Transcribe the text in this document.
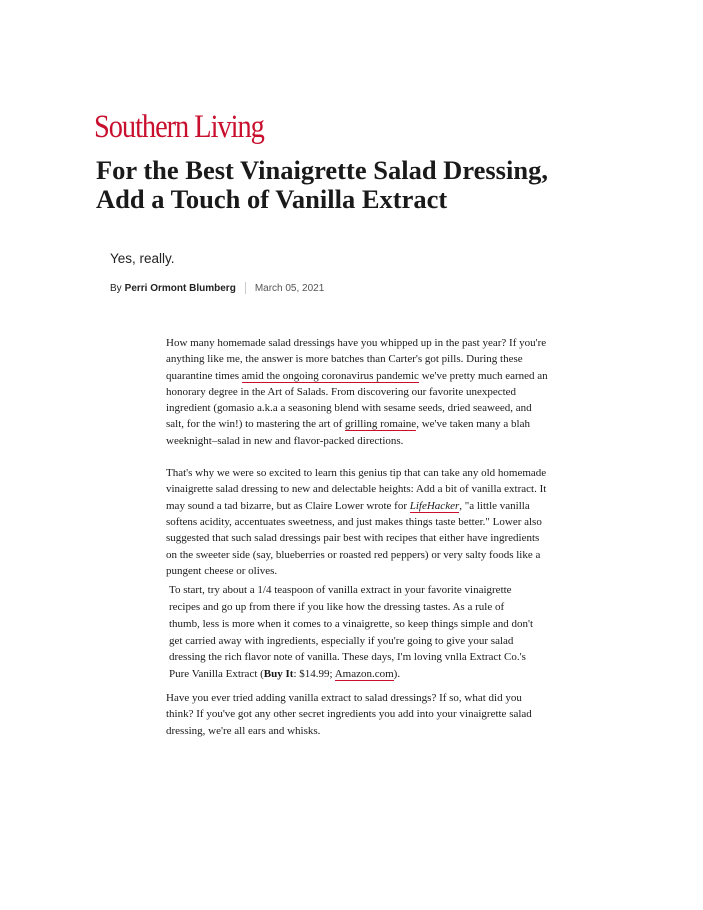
Southern Living
For the Best Vinaigrette Salad Dressing, Add a Touch of Vanilla Extract
Yes, really.
By Perri Ormont Blumberg March 05, 2021

How many homemade salad dressings have you whipped up in the past year? If you're anything like me, the answer is more batches than Carter's got pills. During these quarantine times amid the ongoing coronavirus pandemic we've pretty much earned an honorary degree in the Art of Salads. From discovering our favorite unexpected ingredient (gomasio a.k.a a seasoning blend with sesame seeds, dried seaweed, and salt, for the win!) to mastering the art of grilling romaine, we've taken many a blah weeknight–salad in new and flavor-packed directions.

That's why we were so excited to learn this genius tip that can take any old homemade vinaigrette salad dressing to new and delectable heights: Add a bit of vanilla extract. It may sound a tad bizarre, but as Claire Lower wrote for LifeHacker, "a little vanilla softens acidity, accentuates sweetness, and just makes things taste better." Lower also suggested that such salad dressings pair best with recipes that either have ingredients on the sweeter side (say, blueberries or roasted red peppers) or very salty foods like a pungent cheese or olives.

To start, try about a 1/4 teaspoon of vanilla extract in your favorite vinaigrette recipes and go up from there if you like how the dressing tastes. As a rule of thumb, less is more when it comes to a vinaigrette, so keep things simple and don't get carried away with ingredients, especially if you're going to give your salad dressing the rich flavor note of vanilla. These days, I'm loving vnlla Extract Co.'s Pure Vanilla Extract (Buy It: $14.99; Amazon.com).

Have you ever tried adding vanilla extract to salad dressings? If so, what did you think? If you've got any other secret ingredients you add into your vinaigrette salad dressing, we're all ears and whisks.
